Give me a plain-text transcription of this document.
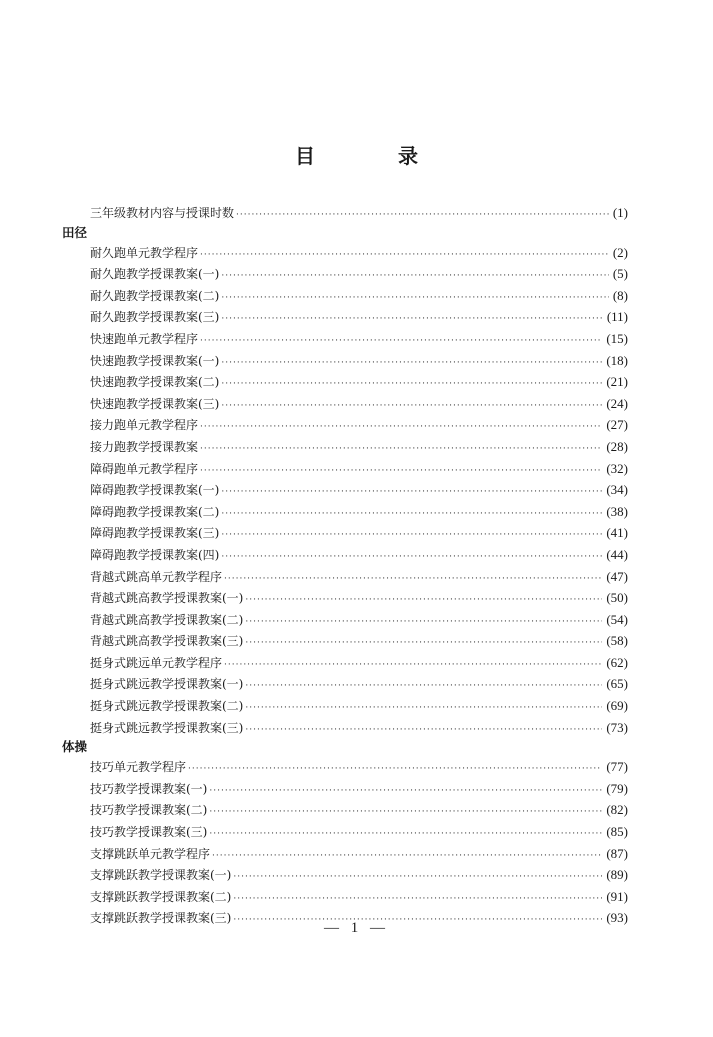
目 录
三年级教材内容与授课时数 ·····	(1)
田径
耐久跑单元教学程序 ·····	(2)
耐久跑教学授课教案(一) ·····	(5)
耐久跑教学授课教案(二) ·····	(8)
耐久跑教学授课教案(三) ·····	(11)
快速跑单元教学程序 ·····	(15)
快速跑教学授课教案(一) ·····	(18)
快速跑教学授课教案(二) ·····	(21)
快速跑教学授课教案(三) ·····	(24)
接力跑单元教学程序 ·····	(27)
接力跑教学授课教案 ·····	(28)
障碍跑单元教学程序 ·····	(32)
障碍跑教学授课教案(一) ·····	(34)
障碍跑教学授课教案(二) ·····	(38)
障碍跑教学授课教案(三) ·····	(41)
障碍跑教学授课教案(四) ·····	(44)
背越式跳高单元教学程序 ·····	(47)
背越式跳高教学授课教案(一) ·····	(50)
背越式跳高教学授课教案(二) ·····	(54)
背越式跳高教学授课教案(三) ·····	(58)
挺身式跳远单元教学程序 ·····	(62)
挺身式跳远教学授课教案(一) ·····	(65)
挺身式跳远教学授课教案(二) ·····	(69)
挺身式跳远教学授课教案(三) ·····	(73)
体操
技巧单元教学程序 ·····	(77)
技巧教学授课教案(一) ·····	(79)
技巧教学授课教案(二) ·····	(82)
技巧教学授课教案(三) ·····	(85)
支撑跳跃单元教学程序 ·····	(87)
支撑跳跃教学授课教案(一) ·····	(89)
支撑跳跃教学授课教案(二) ·····	(91)
支撑跳跃教学授课教案(三) ·····	(93)
— 1 —
